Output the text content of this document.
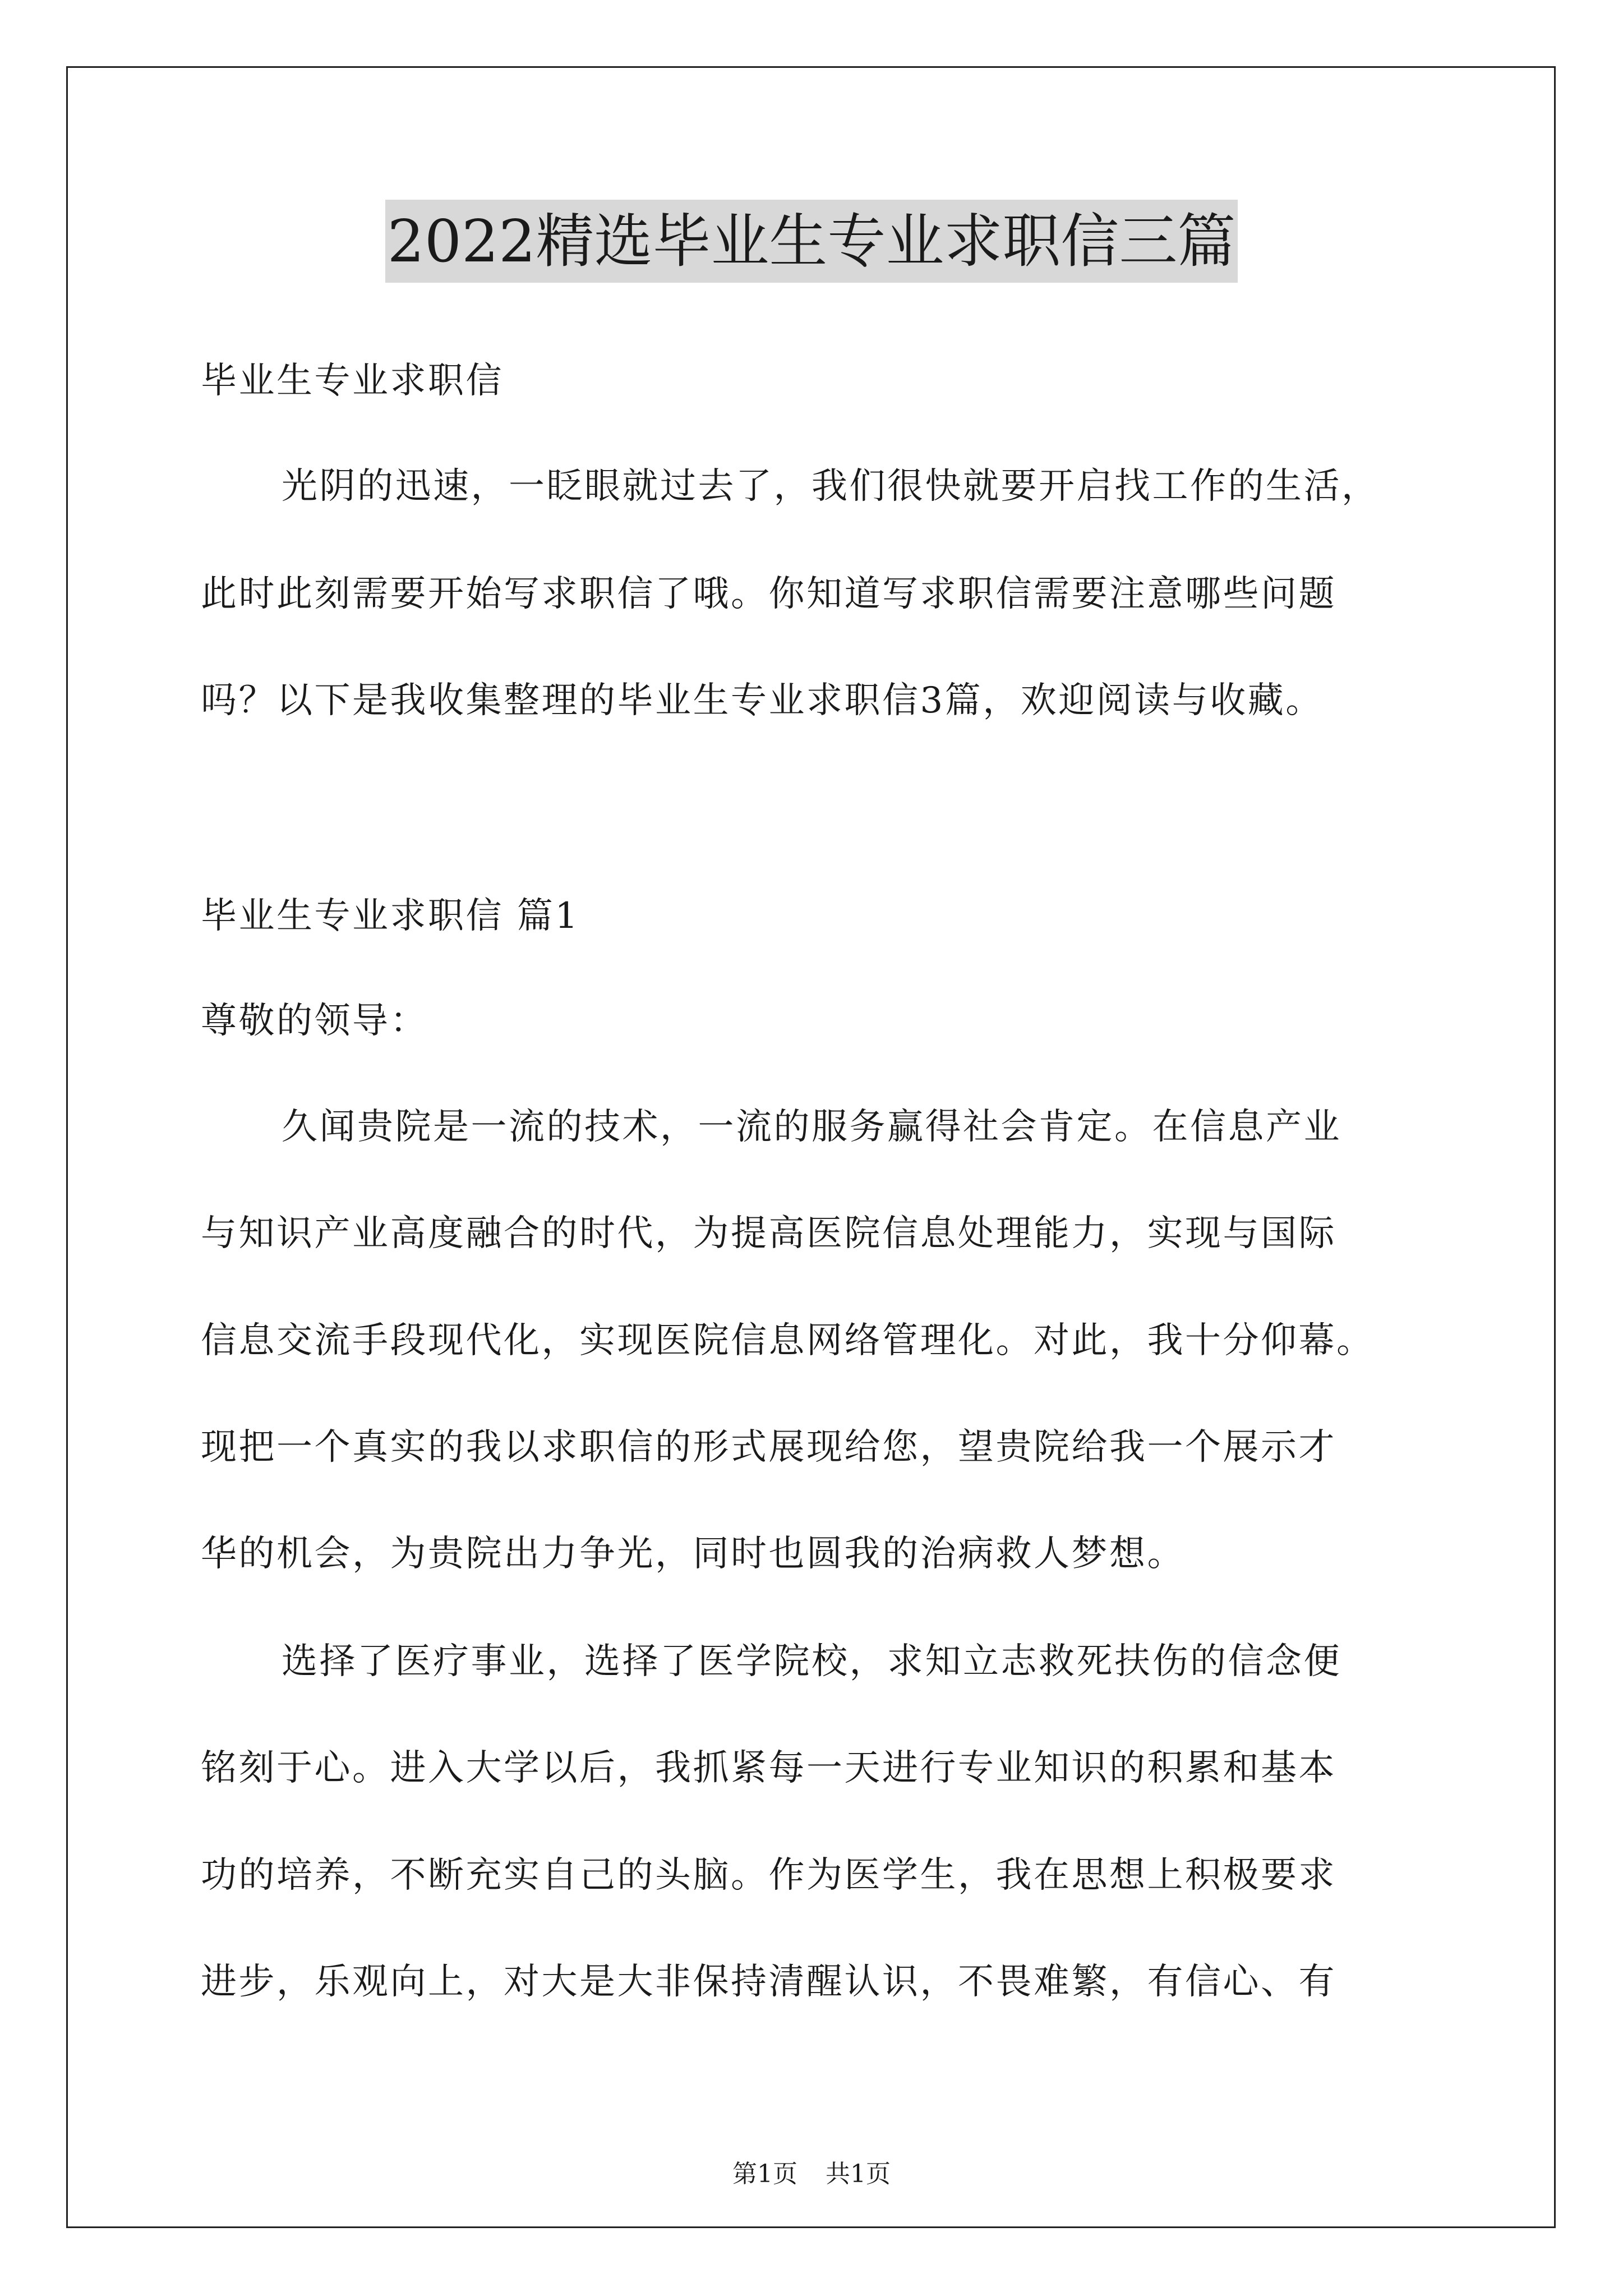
2022精选毕业生专业求职信三篇
毕业生专业求职信
光阴的迅速，一眨眼就过去了，我们很快就要开启找工作的生活，
此时此刻需要开始写求职信了哦。你知道写求职信需要注意哪些问题
吗？以下是我收集整理的毕业生专业求职信3篇，欢迎阅读与收藏。
毕业生专业求职信 篇1
尊敬的领导：
久闻贵院是一流的技术，一流的服务赢得社会肯定。在信息产业
与知识产业高度融合的时代，为提高医院信息处理能力，实现与国际
信息交流手段现代化，实现医院信息网络管理化。对此，我十分仰幕。
现把一个真实的我以求职信的形式展现给您，望贵院给我一个展示才
华的机会，为贵院出力争光，同时也圆我的治病救人梦想。
选择了医疗事业，选择了医学院校，求知立志救死扶伤的信念便
铭刻于心。进入大学以后，我抓紧每一天进行专业知识的积累和基本
功的培养，不断充实自己的头脑。作为医学生，我在思想上积极要求
进步，乐观向上，对大是大非保持清醒认识，不畏难繁，有信心、有
第1页 共1页
